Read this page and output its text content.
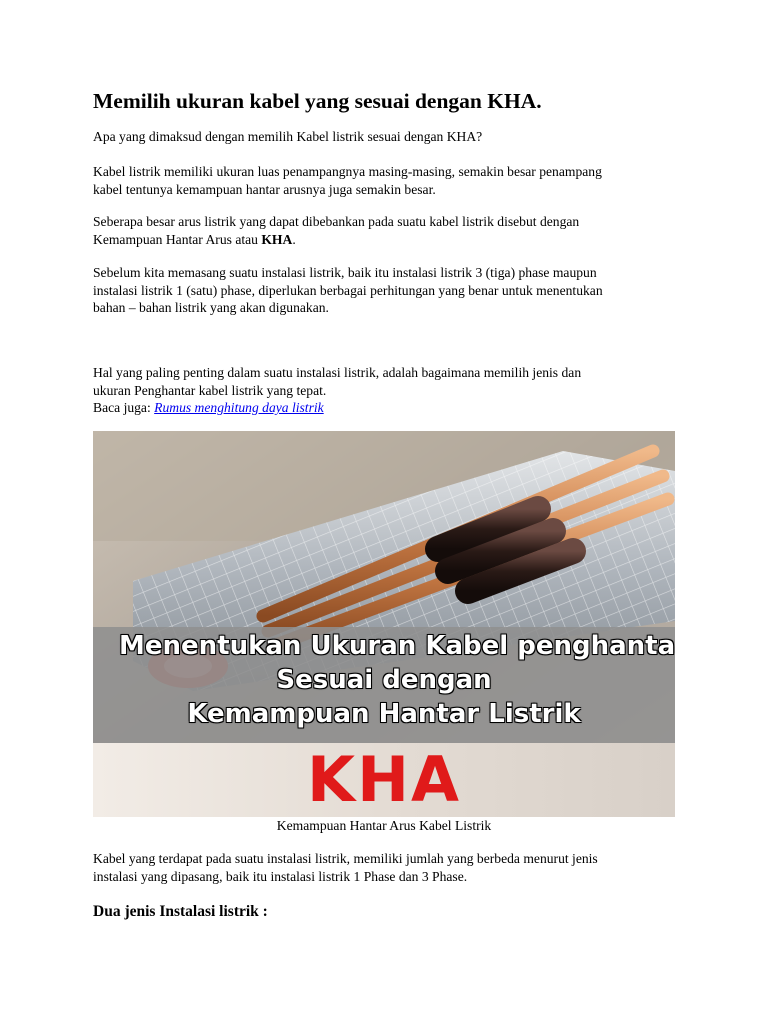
Memilih ukuran kabel yang sesuai dengan KHA.

Apa yang dimaksud dengan memilih Kabel listrik sesuai dengan KHA?

Kabel listrik memiliki ukuran luas penampangnya masing-masing, semakin besar penampang
kabel tentunya kemampuan hantar arusnya juga semakin besar.

Seberapa besar arus listrik yang dapat dibebankan pada suatu kabel listrik disebut dengan
Kemampuan Hantar Arus atau KHA.

Sebelum kita memasang suatu instalasi listrik, baik itu instalasi listrik 3 (tiga) phase maupun
instalasi listrik 1 (satu) phase, diperlukan berbagai perhitungan yang benar untuk menentukan
bahan – bahan listrik yang akan digunakan.

Hal yang paling penting dalam suatu instalasi listrik, adalah bagaimana memilih jenis dan
ukuran Penghantar kabel listrik yang tepat.
Baca juga: Rumus menghitung daya listrik

Menentukan Ukuran Kabel penghanta
Sesuai dengan
Kemampuan Hantar Listrik
KHA

Kemampuan Hantar Arus Kabel Listrik

Kabel yang terdapat pada suatu instalasi listrik, memiliki jumlah yang berbeda menurut jenis
instalasi yang dipasang, baik itu instalasi listrik 1 Phase dan 3 Phase.

Dua jenis Instalasi listrik :
